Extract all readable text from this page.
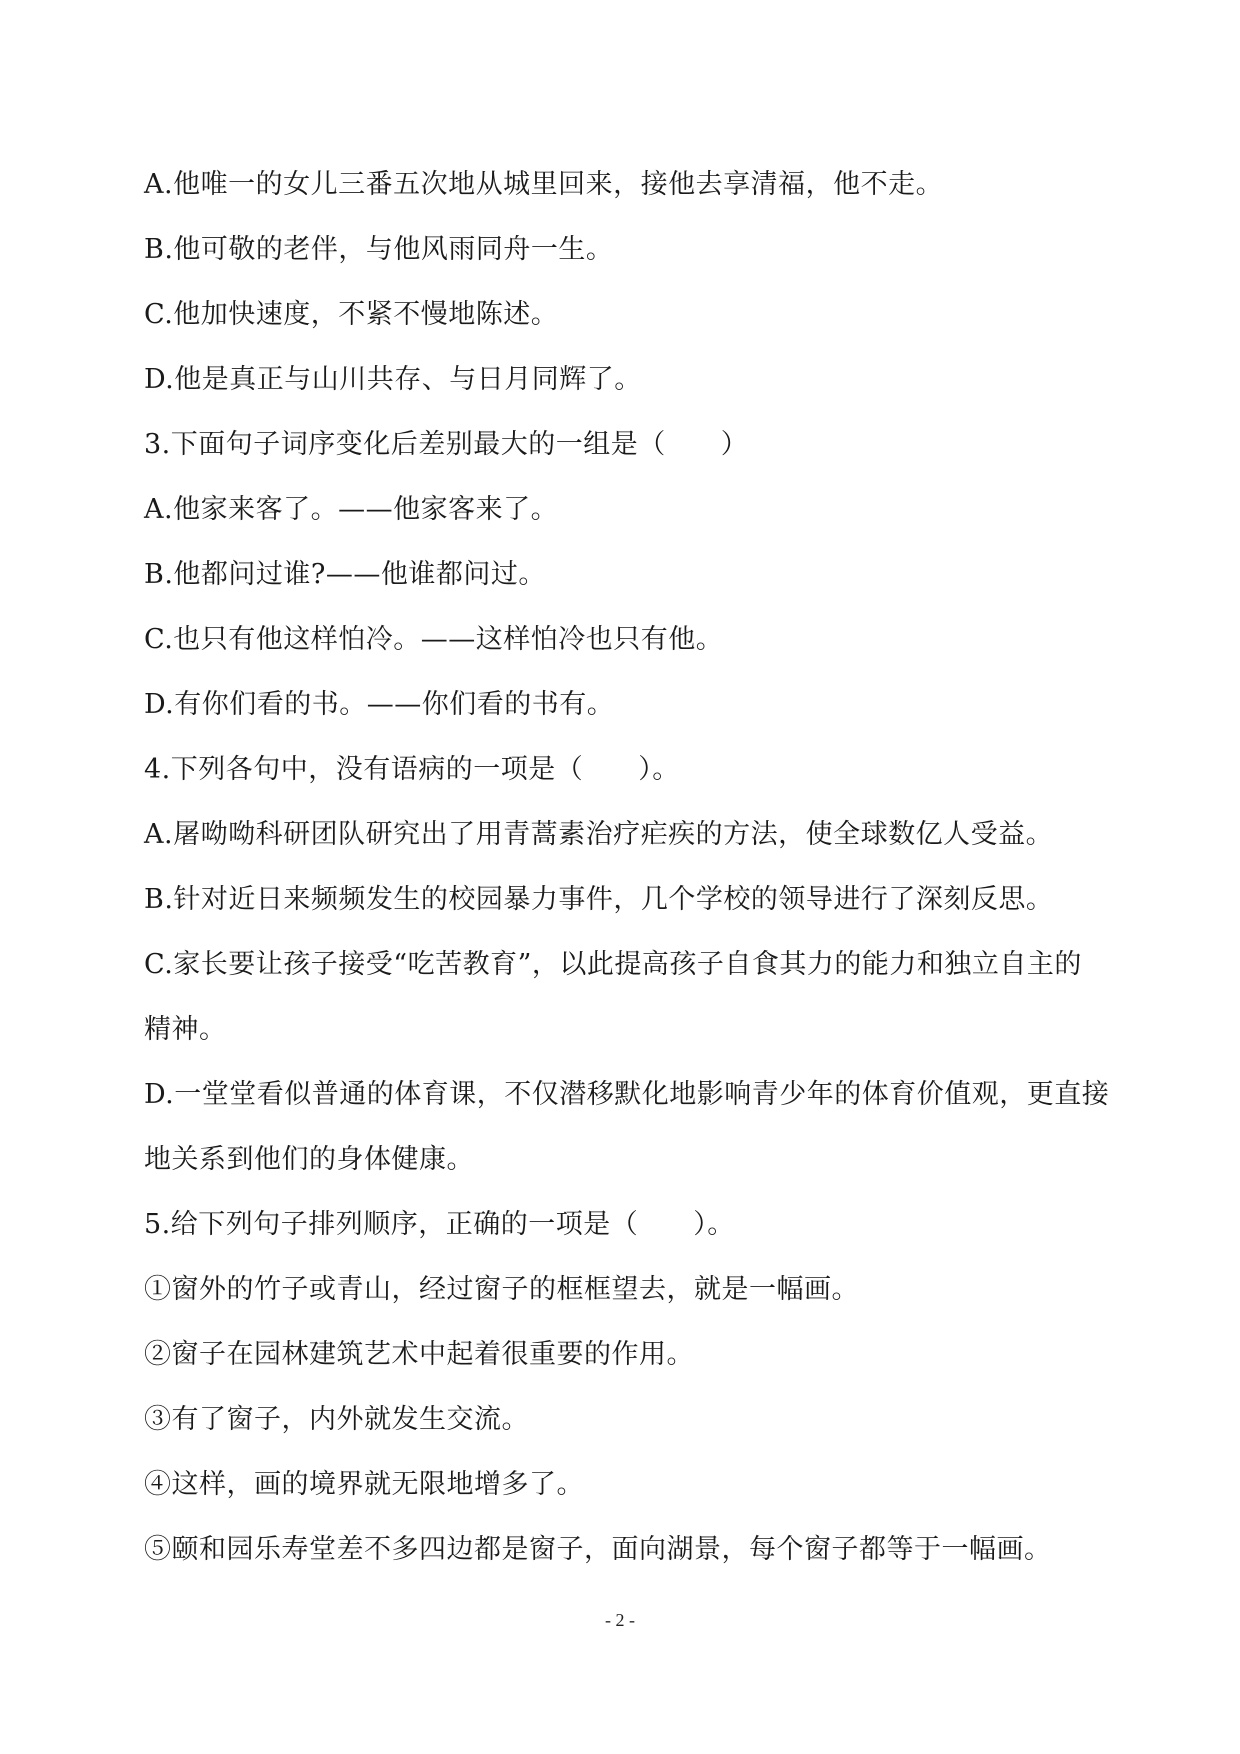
A.他唯一的女儿三番五次地从城里回来，接他去享清福，他不走。
B.他可敬的老伴，与他风雨同舟一生。
C.他加快速度，不紧不慢地陈述。
D.他是真正与山川共存、与日月同辉了。
3.下面句子词序变化后差别最大的一组是（　　）
A.他家来客了。——他家客来了。
B.他都问过谁?——他谁都问过。
C.也只有他这样怕冷。——这样怕冷也只有他。
D.有你们看的书。——你们看的书有。
4.下列各句中，没有语病的一项是（　　）。
A.屠呦呦科研团队研究出了用青蒿素治疗疟疾的方法，使全球数亿人受益。
B.针对近日来频频发生的校园暴力事件，几个学校的领导进行了深刻反思。
C.家长要让孩子接受“吃苦教育”，以此提高孩子自食其力的能力和独立自主的
精神。
D.一堂堂看似普通的体育课，不仅潜移默化地影响青少年的体育价值观，更直接
地关系到他们的身体健康。
5.给下列句子排列顺序，正确的一项是（　　）。
①窗外的竹子或青山，经过窗子的框框望去，就是一幅画。
②窗子在园林建筑艺术中起着很重要的作用。
③有了窗子，内外就发生交流。
④这样，画的境界就无限地增多了。
⑤颐和园乐寿堂差不多四边都是窗子，面向湖景，每个窗子都等于一幅画。
- 2 -
